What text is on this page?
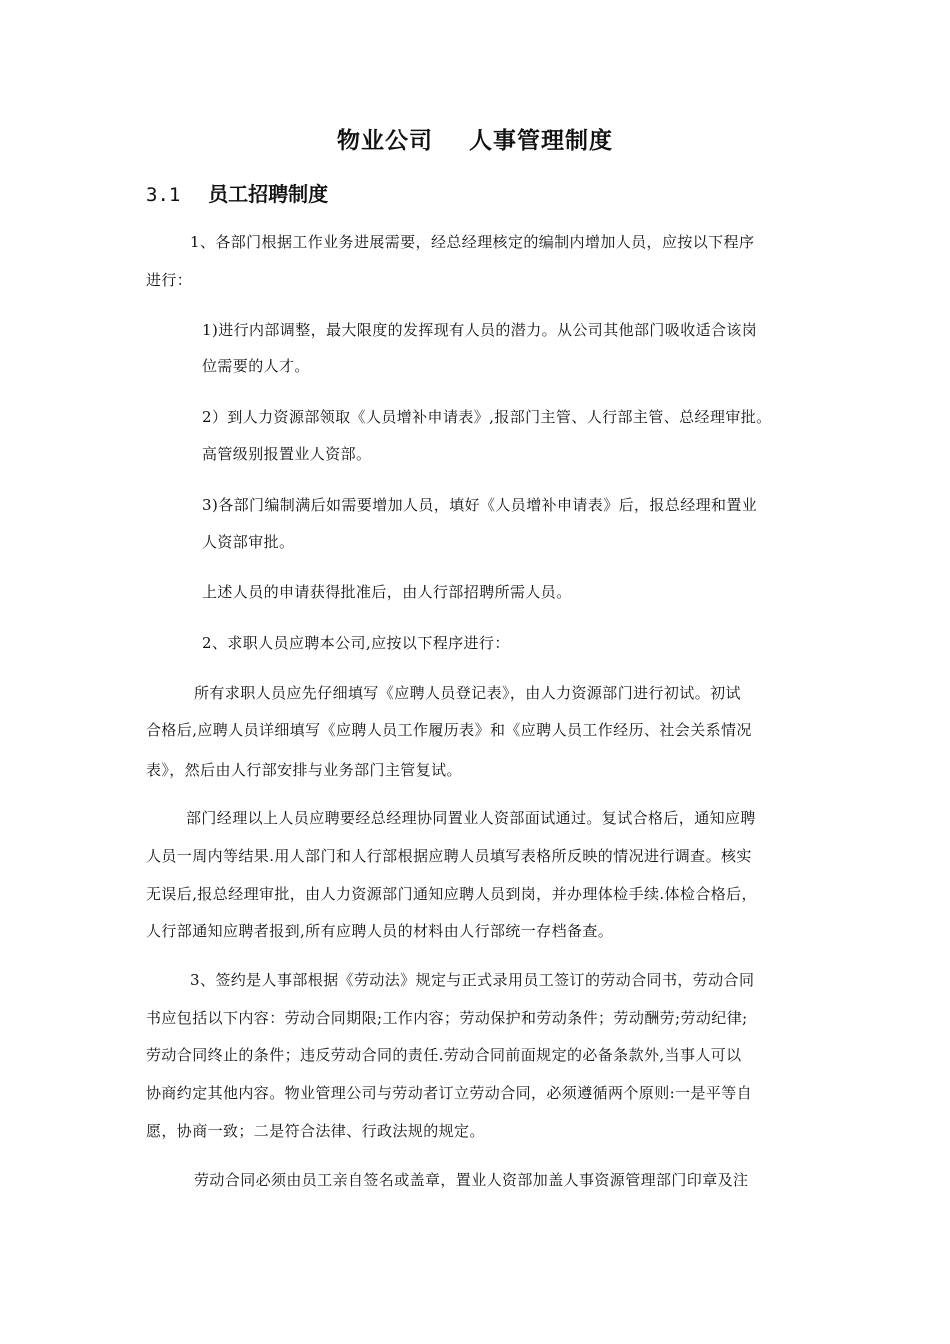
物业公司    人事管理制度
3.1 员工招聘制度
1、各部门根据工作业务进展需要，经总经理核定的编制内增加人员，应按以下程序
进行：
1)进行内部调整，最大限度的发挥现有人员的潜力。从公司其他部门吸收适合该岗
位需要的人才。
2）到人力资源部领取《人员增补申请表》,报部门主管、人行部主管、总经理审批。
高管级别报置业人资部。
3)各部门编制满后如需要增加人员，填好《人员增补申请表》后，报总经理和置业
人资部审批。
上述人员的申请获得批准后，由人行部招聘所需人员。
2、求职人员应聘本公司,应按以下程序进行：
所有求职人员应先仔细填写《应聘人员登记表》，由人力资源部门进行初试。初试
合格后,应聘人员详细填写《应聘人员工作履历表》和《应聘人员工作经历、社会关系情况
表》，然后由人行部安排与业务部门主管复试。
部门经理以上人员应聘要经总经理协同置业人资部面试通过。复试合格后，通知应聘
人员一周内等结果.用人部门和人行部根据应聘人员填写表格所反映的情况进行调查。核实
无误后,报总经理审批，由人力资源部门通知应聘人员到岗，并办理体检手续.体检合格后，
人行部通知应聘者报到,所有应聘人员的材料由人行部统一存档备查。
3、签约是人事部根据《劳动法》规定与正式录用员工签订的劳动合同书，劳动合同
书应包括以下内容：劳动合同期限;工作内容；劳动保护和劳动条件；劳动酬劳;劳动纪律;
劳动合同终止的条件；违反劳动合同的责任.劳动合同前面规定的必备条款外,当事人可以
协商约定其他内容。物业管理公司与劳动者订立劳动合同，必须遵循两个原则:一是平等自
愿，协商一致；二是符合法律、行政法规的规定。
劳动合同必须由员工亲自签名或盖章，置业人资部加盖人事资源管理部门印章及注
